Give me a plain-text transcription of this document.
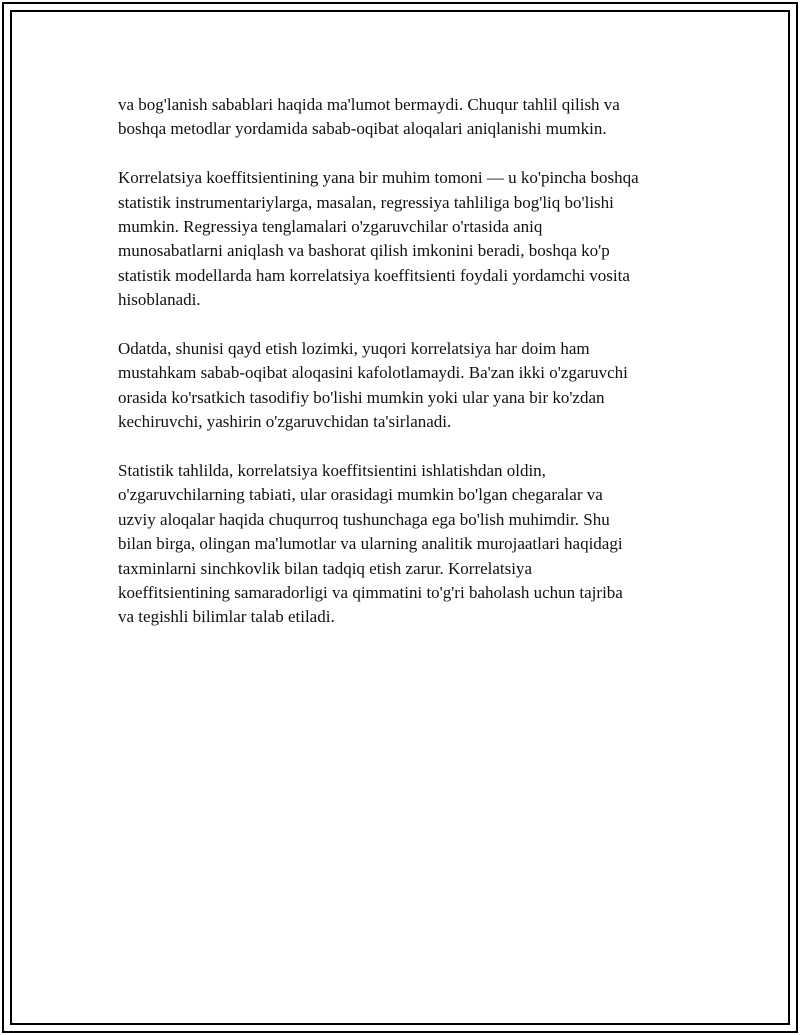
va bog'lanish sabablari haqida ma'lumot bermaydi. Chuqur tahlil qilish va
boshqa metodlar yordamida sabab-oqibat aloqalari aniqlanishi mumkin.

Korrelatsiya koeffitsientining yana bir muhim tomoni — u ko'pincha boshqa
statistik instrumentariylarga, masalan, regressiya tahliliga bog'liq bo'lishi
mumkin. Regressiya tenglamalari o'zgaruvchilar o'rtasida aniq
munosabatlarni aniqlash va bashorat qilish imkonini beradi, boshqa ko'p
statistik modellarda ham korrelatsiya koeffitsienti foydali yordamchi vosita
hisoblanadi.

Odatda, shunisi qayd etish lozimki, yuqori korrelatsiya har doim ham
mustahkam sabab-oqibat aloqasini kafolotlamaydi. Ba'zan ikki o'zgaruvchi
orasida ko'rsatkich tasodifiy bo'lishi mumkin yoki ular yana bir ko'zdan
kechiruvchi, yashirin o'zgaruvchidan ta'sirlanadi.

Statistik tahlilda, korrelatsiya koeffitsientini ishlatishdan oldin,
o'zgaruvchilarning tabiati, ular orasidagi mumkin bo'lgan chegaralar va
uzviy aloqalar haqida chuqurroq tushunchaga ega bo'lish muhimdir. Shu
bilan birga, olingan ma'lumotlar va ularning analitik murojaatlari haqidagi
taxminlarni sinchkovlik bilan tadqiq etish zarur. Korrelatsiya
koeffitsientining samaradorligi va qimmatini to'g'ri baholash uchun tajriba
va tegishli bilimlar talab etiladi.
